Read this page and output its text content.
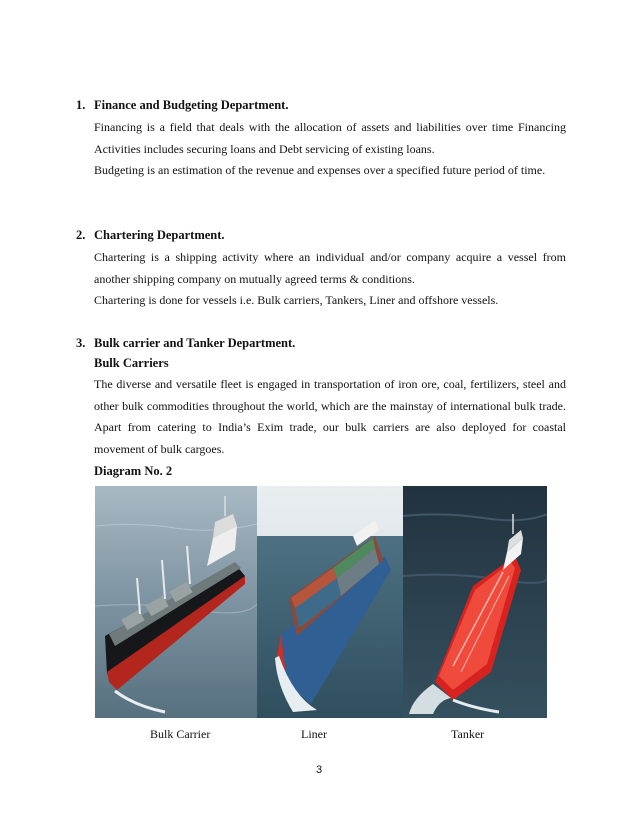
1. Finance and Budgeting Department.

Financing is a field that deals with the allocation of assets and liabilities over time Financing Activities includes securing loans and Debt servicing of existing loans.

Budgeting is an estimation of the revenue and expenses over a specified future period of time.

2. Chartering Department.

Chartering is a shipping activity where an individual and/or company acquire a vessel from another shipping company on mutually agreed terms & conditions.

Chartering is done for vessels i.e. Bulk carriers, Tankers, Liner and offshore vessels.

3. Bulk carrier and Tanker Department.
Bulk Carriers

The diverse and versatile fleet is engaged in transportation of iron ore, coal, fertilizers, steel and other bulk commodities throughout the world, which are the mainstay of international bulk trade. Apart from catering to India’s Exim trade, our bulk carriers are also deployed for coastal movement of bulk cargoes.

Diagram No. 2
Bulk Carrier	Liner	Tanker
3
